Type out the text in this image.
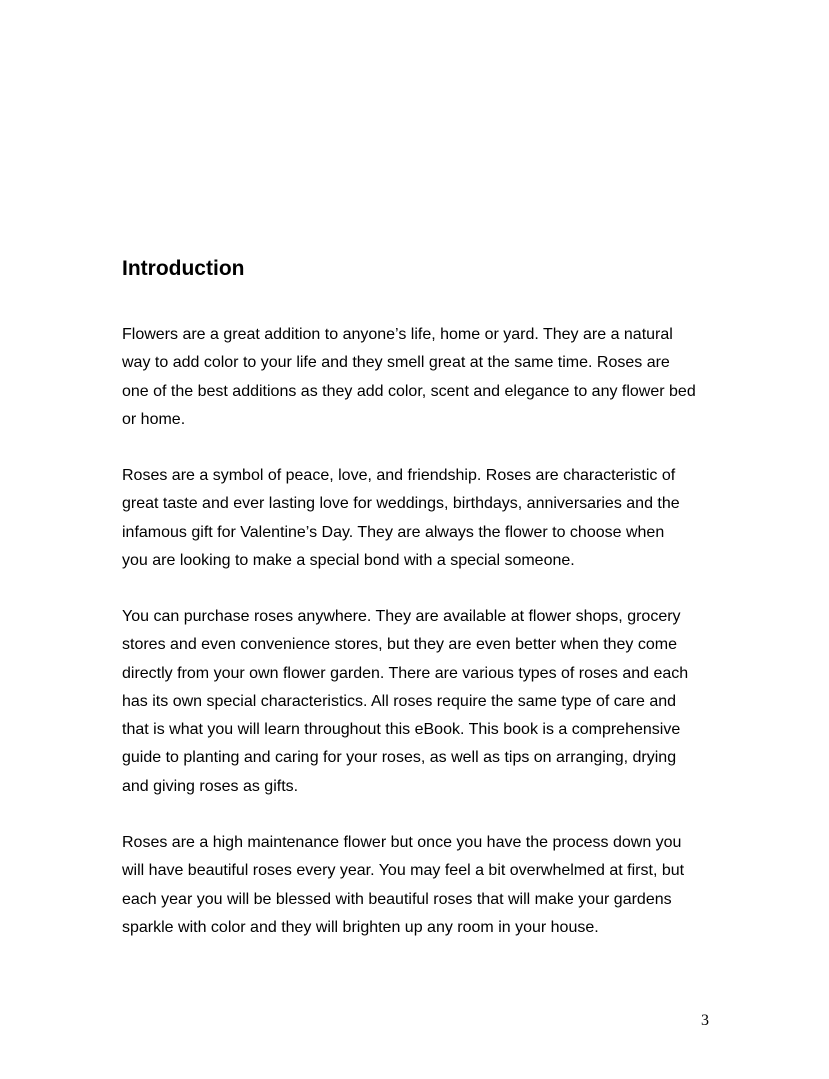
Introduction

Flowers are a great addition to anyone’s life, home or yard. They are a natural
way to add color to your life and they smell great at the same time. Roses are
one of the best additions as they add color, scent and elegance to any flower bed
or home.

Roses are a symbol of peace, love, and friendship. Roses are characteristic of
great taste and ever lasting love for weddings, birthdays, anniversaries and the
infamous gift for Valentine’s Day. They are always the flower to choose when
you are looking to make a special bond with a special someone.

You can purchase roses anywhere. They are available at flower shops, grocery
stores and even convenience stores, but they are even better when they come
directly from your own flower garden. There are various types of roses and each
has its own special characteristics. All roses require the same type of care and
that is what you will learn throughout this eBook. This book is a comprehensive
guide to planting and caring for your roses, as well as tips on arranging, drying
and giving roses as gifts.

Roses are a high maintenance flower but once you have the process down you
will have beautiful roses every year. You may feel a bit overwhelmed at first, but
each year you will be blessed with beautiful roses that will make your gardens
sparkle with color and they will brighten up any room in your house.

3
